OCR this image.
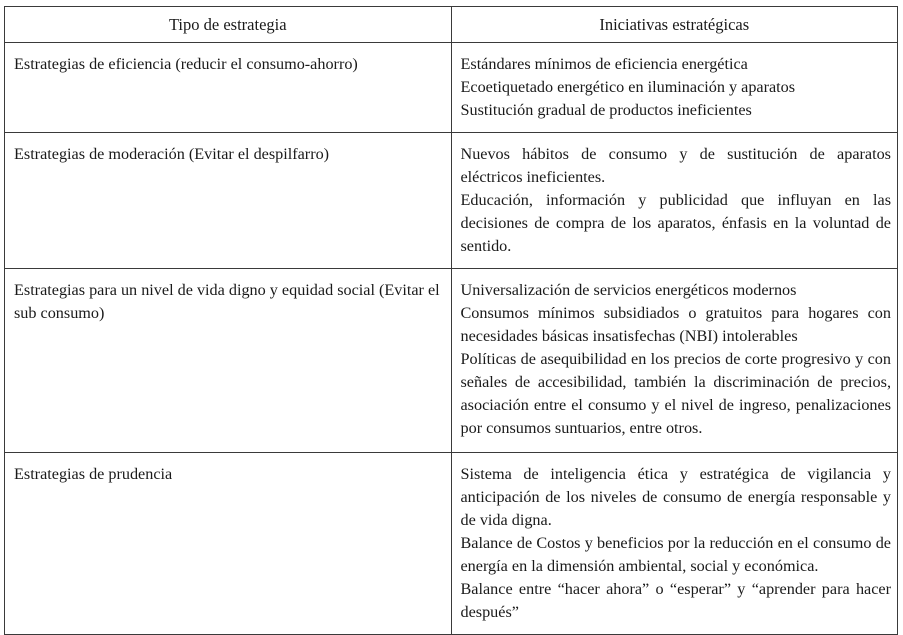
Tipo de estrategia	Iniciativas estratégicas
Estrategias de eficiencia (reducir el consumo-ahorro)	Estándares mínimos de eficiencia energética
Ecoetiquetado energético en iluminación y aparatos
Sustitución gradual de productos ineficientes

Estrategias de moderación (Evitar el despilfarro)	Nuevos hábitos de consumo y de sustitución de aparatos eléctricos ineficientes.
Educación, información y publicidad que influyan en las decisiones de compra de los aparatos, énfasis en la voluntad de sentido.

Estrategias para un nivel de vida digno y equidad social (Evitar el sub consumo)	Universalización de servicios energéticos modernos
Consumos mínimos subsidiados o gratuitos para hogares con necesidades básicas insatisfechas (NBI) intolerables
Políticas de asequibilidad en los precios de corte progresivo y con señales de accesibilidad, también la discriminación de precios, asociación entre el consumo y el nivel de ingreso, penalizaciones por consumos suntuarios, entre otros.

Estrategias de prudencia	Sistema de inteligencia ética y estratégica de vigilancia y anticipación de los niveles de consumo de energía responsable y de vida digna.
Balance de Costos y beneficios por la reducción en el consumo de energía en la dimensión ambiental, social y económica.
Balance entre “hacer ahora” o “esperar” y “aprender para hacer después”
